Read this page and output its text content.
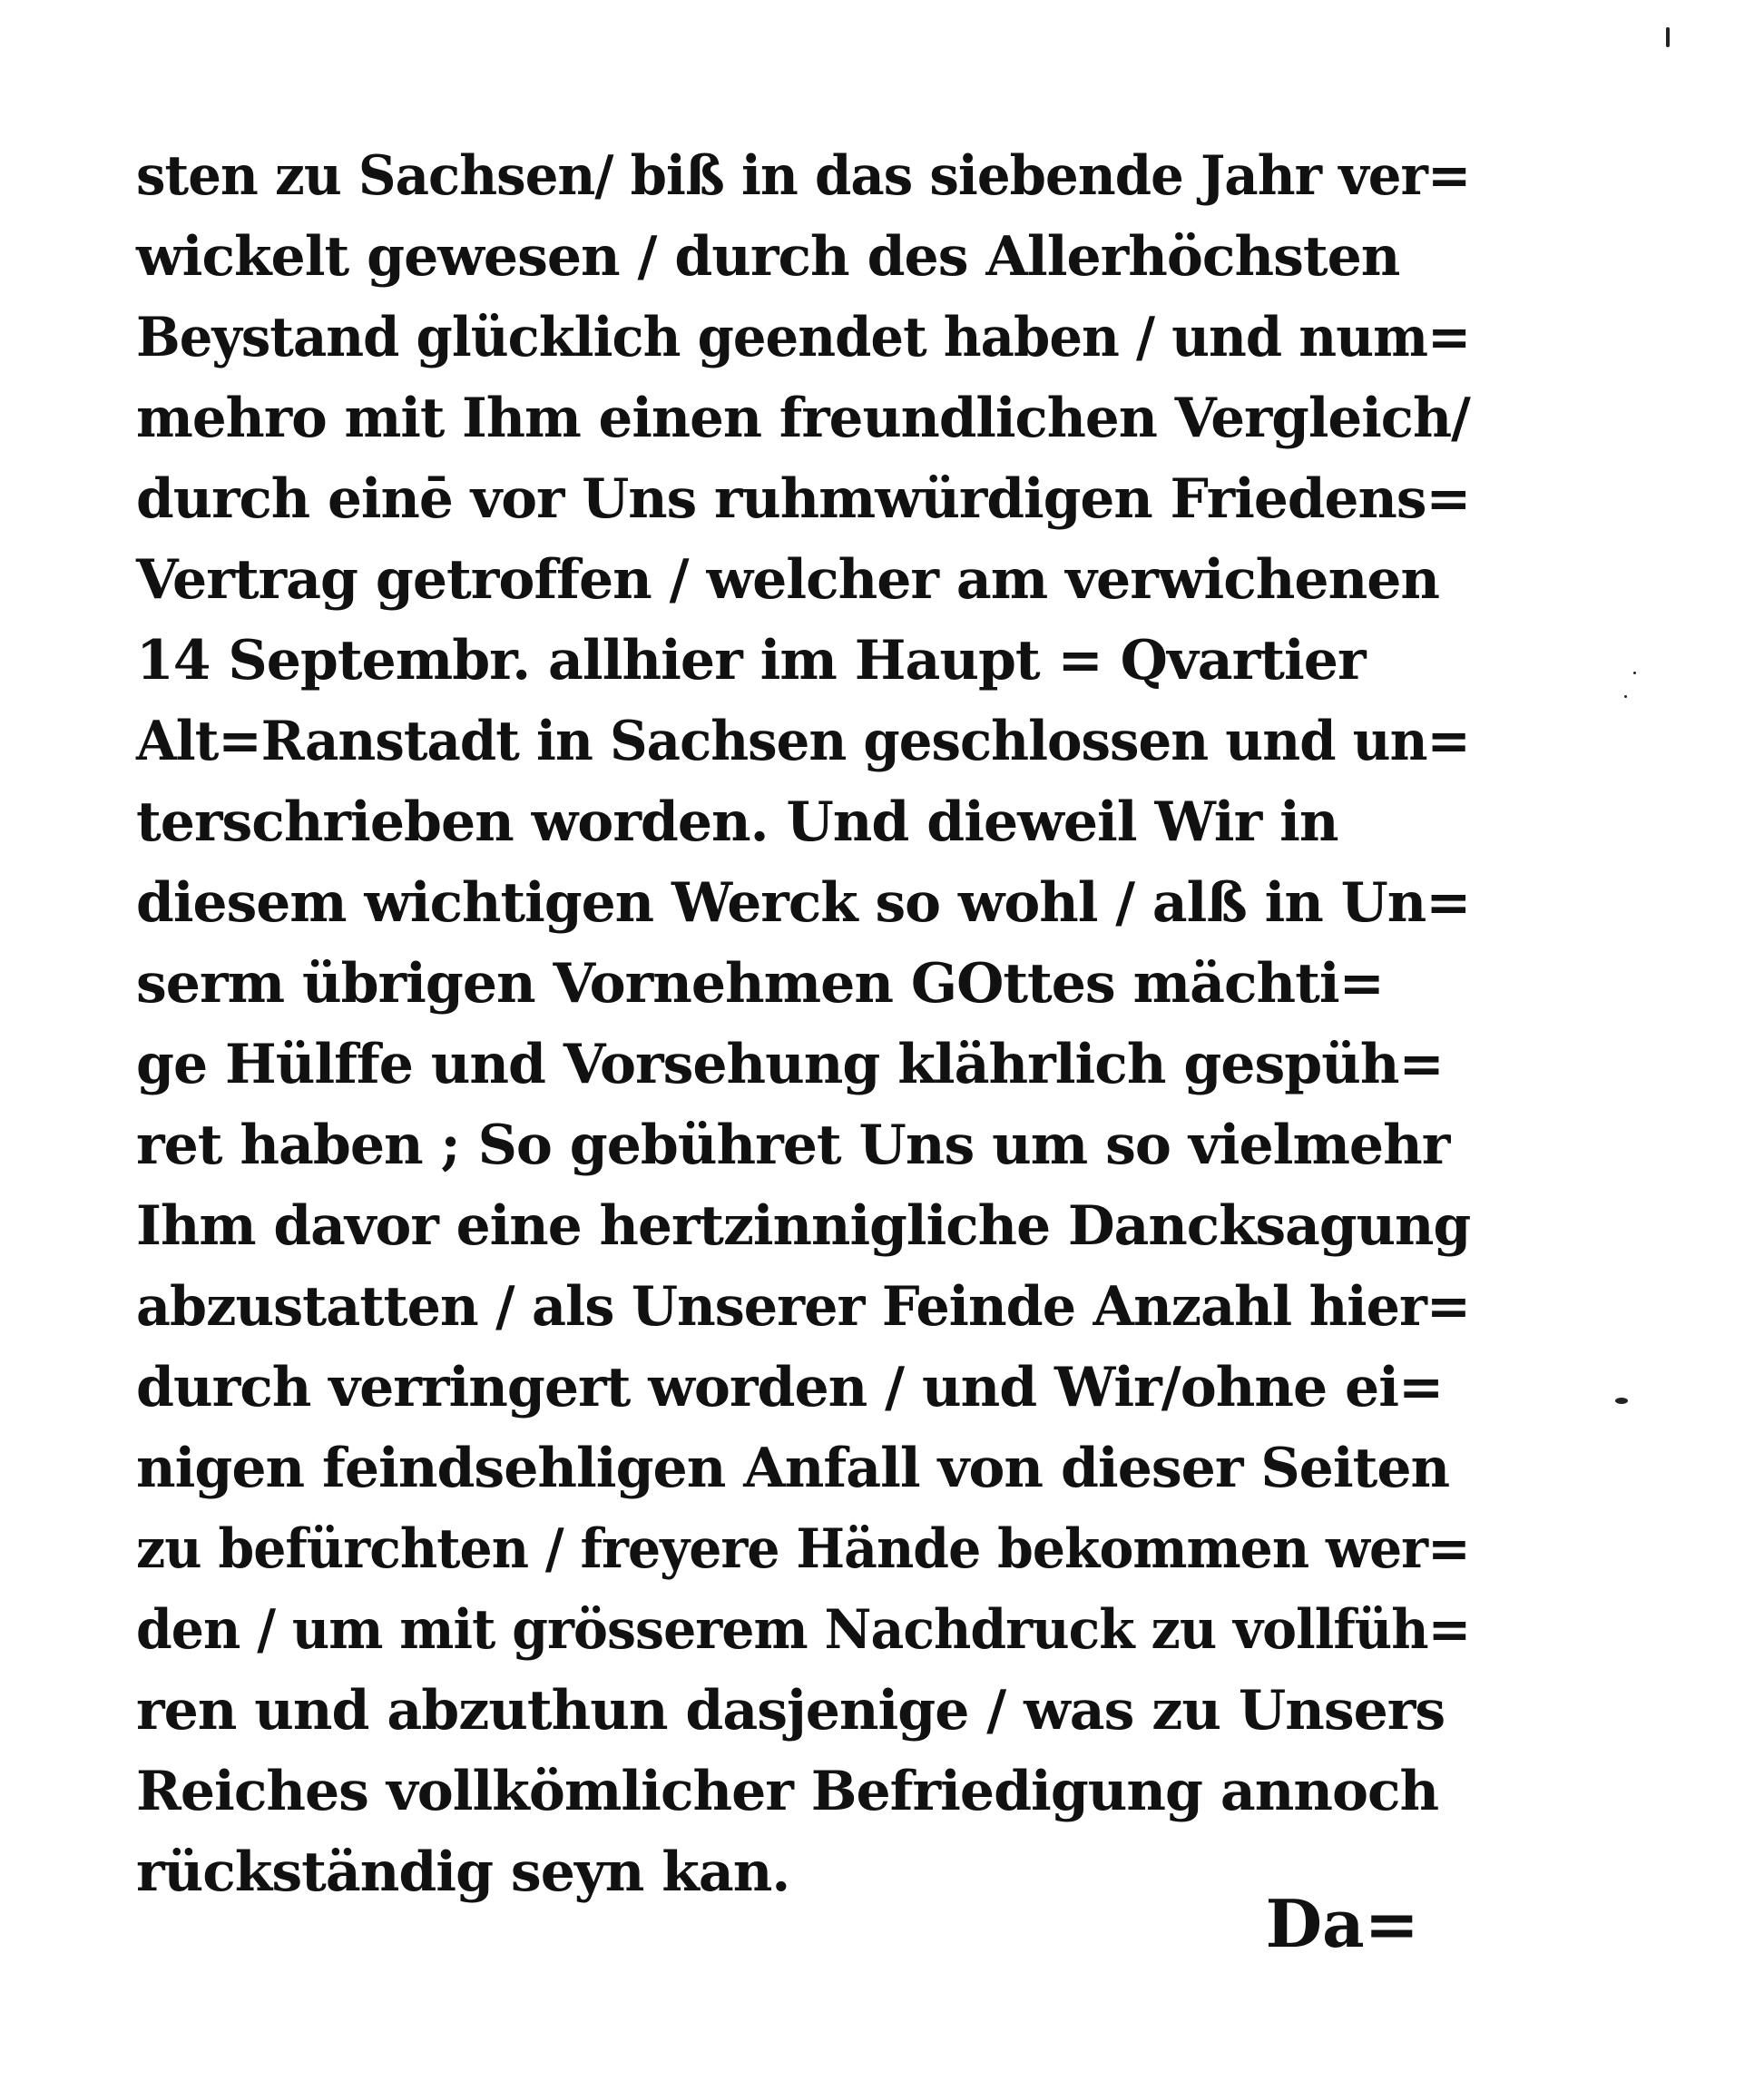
sten zu Sachsen/ biß in das siebende Jahr ver=
wickelt gewesen / durch des Allerhöchsten
Beystand glücklich geendet haben / und num=
mehro mit Ihm einen freundlichen Vergleich/
durch einē vor Uns ruhmwürdigen Friedens=
Vertrag getroffen / welcher am verwichenen
14 Septembr. allhier im Haupt = Qvartier
Alt=Ranstadt in Sachsen geschlossen und un=
terschrieben worden. Und dieweil Wir in
diesem wichtigen Werck so wohl / alß in Un=
serm übrigen Vornehmen GOttes mächti=
ge Hülffe und Vorsehung klährlich gespüh=
ret haben ; So gebühret Uns um so vielmehr
Ihm davor eine hertzinnigliche Dancksagung
abzustatten / als Unserer Feinde Anzahl hier=
durch verringert worden / und Wir/ohne ei=
nigen feindsehligen Anfall von dieser Seiten
zu befürchten / freyere Hände bekommen wer=
den / um mit grösserem Nachdruck zu vollfüh=
ren und abzuthun dasjenige / was zu Unsers
Reiches vollkömlicher Befriedigung annoch
rückständig seyn kan.
Da=
